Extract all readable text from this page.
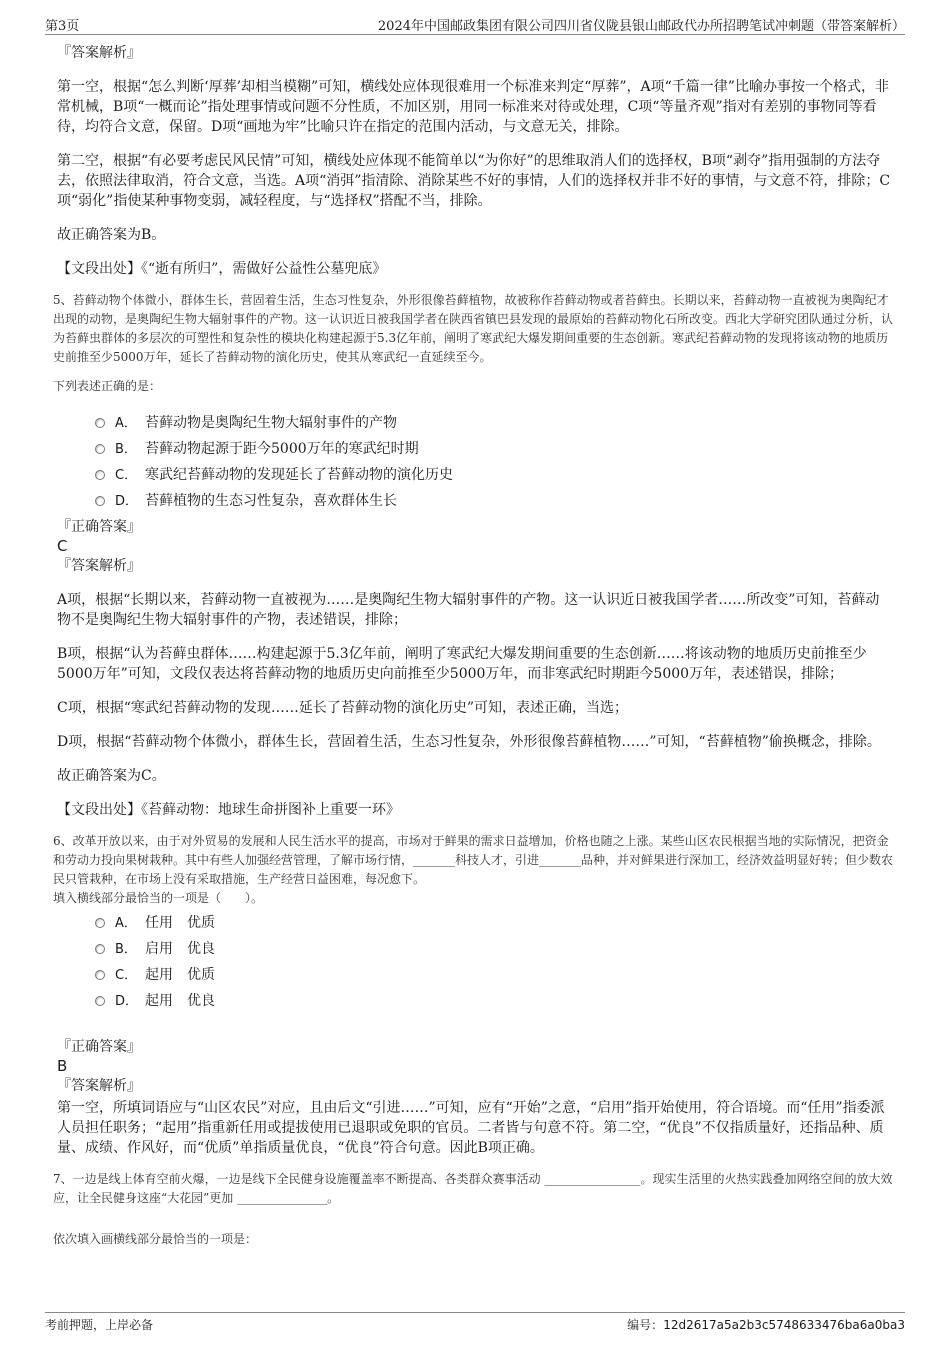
第3页	2024年中国邮政集团有限公司四川省仪陇县银山邮政代办所招聘笔试冲刺题（带答案解析）

『答案解析』

第一空，根据“怎么判断‘厚葬’却相当模糊”可知，横线处应体现很难用一个标准来判定“厚葬”，A项“千篇一律”比喻办事按一个格式，非常机械，B项“一概而论”指处理事情或问题不分性质，不加区别，用同一标准来对待或处理，C项“等量齐观”指对有差别的事物同等看待，均符合文意，保留。D项“画地为牢”比喻只许在指定的范围内活动，与文意无关，排除。

第二空，根据“有必要考虑民风民情”可知，横线处应体现不能简单以“为你好”的思维取消人们的选择权，B项“剥夺”指用强制的方法夺去，依照法律取消，符合文意，当选。A项“消弭”指清除、消除某些不好的事情，人们的选择权并非不好的事情，与文意不符，排除；C项“弱化”指使某种事物变弱，减轻程度，与“选择权”搭配不当，排除。

故正确答案为B。

【文段出处】《“逝有所归”，需做好公益性公墓兜底》

5、苔藓动物个体微小，群体生长，营固着生活，生态习性复杂，外形很像苔藓植物，故被称作苔藓动物或者苔藓虫。长期以来，苔藓动物一直被视为奥陶纪才出现的动物，是奥陶纪生物大辐射事件的产物。这一认识近日被我国学者在陕西省镇巴县发现的最原始的苔藓动物化石所改变。西北大学研究团队通过分析，认为苔藓虫群体的多层次的可塑性和复杂性的模块化构建起源于5.3亿年前，阐明了寒武纪大爆发期间重要的生态创新。寒武纪苔藓动物的发现将该动物的地质历史前推至少5000万年，延长了苔藓动物的演化历史，使其从寒武纪一直延续至今。

下列表述正确的是：

A． 苔藓动物是奥陶纪生物大辐射事件的产物
B． 苔藓动物起源于距今5000万年的寒武纪时期
C． 寒武纪苔藓动物的发现延长了苔藓动物的演化历史
D． 苔藓植物的生态习性复杂，喜欢群体生长

『正确答案』

C

『答案解析』

A项，根据“长期以来，苔藓动物一直被视为……是奥陶纪生物大辐射事件的产物。这一认识近日被我国学者……所改变”可知，苔藓动物不是奥陶纪生物大辐射事件的产物，表述错误，排除；

B项，根据“认为苔藓虫群体……构建起源于5.3亿年前，阐明了寒武纪大爆发期间重要的生态创新……将该动物的地质历史前推至少5000万年”可知，文段仅表达将苔藓动物的地质历史向前推至少5000万年，而非寒武纪时期距今5000万年，表述错误，排除；

C项，根据“寒武纪苔藓动物的发现……延长了苔藓动物的演化历史”可知，表述正确，当选；

D项，根据“苔藓动物个体微小，群体生长，营固着生活，生态习性复杂，外形很像苔藓植物……”可知，“苔藓植物”偷换概念，排除。

故正确答案为C。

【文段出处】《苔藓动物：地球生命拼图补上重要一环》

6、改革开放以来，由于对外贸易的发展和人民生活水平的提高，市场对于鲜果的需求日益增加，价格也随之上涨。某些山区农民根据当地的实际情况，把资金和劳动力投向果树栽种。其中有些人加强经营管理，了解市场行情，_______科技人才，引进_______品种，并对鲜果进行深加工，经济效益明显好转；但少数农民只管栽种，在市场上没有采取措施，生产经营日益困难，每况愈下。

填入横线部分最恰当的一项是（　　）。

A． 任用　优质
B． 启用　优良
C． 起用　优质
D． 起用　优良

『正确答案』

B

『答案解析』

第一空，所填词语应与“山区农民”对应，且由后文“引进……”可知，应有“开始”之意，“启用”指开始使用，符合语境。而“任用”指委派人员担任职务；“起用”指重新任用或提拔使用已退职或免职的官员。二者皆与句意不符。第二空，“优良”不仅指质量好，还指品种、质量、成绩、作风好，而“优质”单指质量优良，“优良”符合句意。因此B项正确。

7、一边是线上体育空前火爆，一边是线下全民健身设施覆盖率不断提高、各类群众赛事活动 ________________。现实生活里的火热实践叠加网络空间的放大效应，让全民健身这座“大花园”更加 _______________。

依次填入画横线部分最恰当的一项是：

考前押题，上岸必备	编号：12d2617a5a2b3c5748633476ba6a0ba3
